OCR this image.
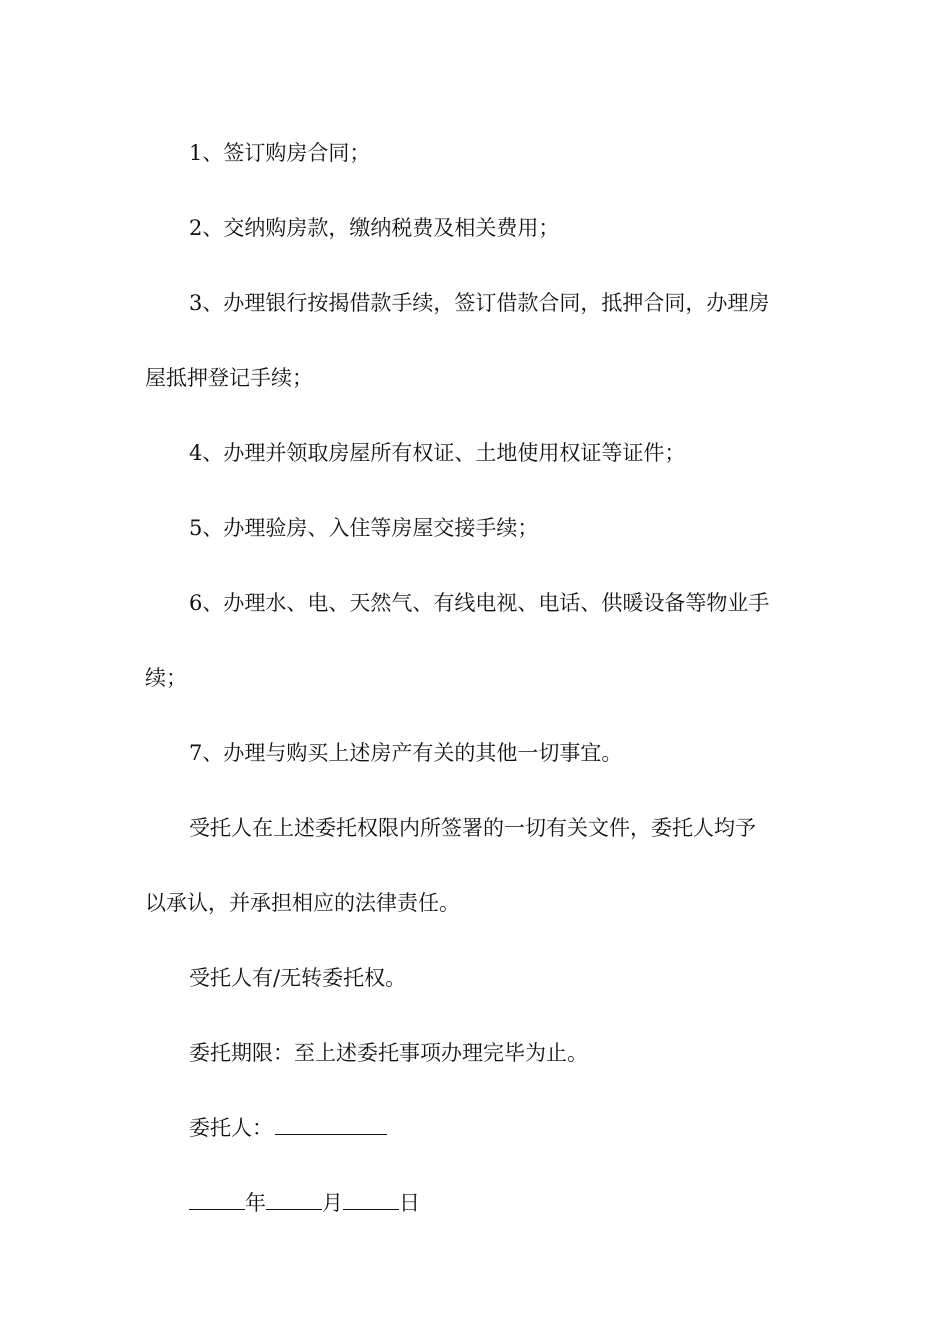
1、签订购房合同；
2、交纳购房款，缴纳税费及相关费用；
3、办理银行按揭借款手续，签订借款合同，抵押合同，办理房
屋抵押登记手续；
4、办理并领取房屋所有权证、土地使用权证等证件；
5、办理验房、入住等房屋交接手续；
6、办理水、电、天然气、有线电视、电话、供暖设备等物业手
续；
7、办理与购买上述房产有关的其他一切事宜。
受托人在上述委托权限内所签署的一切有关文件，委托人均予
以承认，并承担相应的法律责任。
受托人有/无转委托权。
委托期限：至上述委托事项办理完毕为止。
委托人：
年	月	日
